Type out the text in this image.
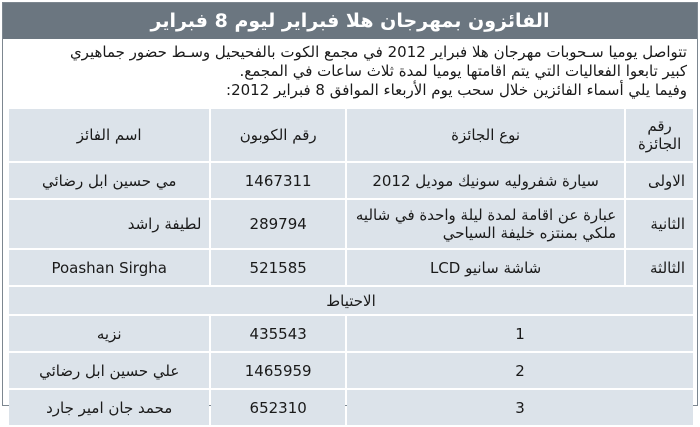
الفائزون بمهرجان هلا فبراير ليوم 8 فبراير

تتواصل يوميا سـحوبات مهرجان هلا فبراير 2012 في مجمع الكوت بالفحيحيل وسـط حضور جماهيري

كبير تابعوا الفعاليات التي يتم اقامتها يوميا لمدة ثلاث ساعات في المجمع.

وفيما يلي أسماء الفائزين خلال سحب يوم الأربعاء الموافق 8 فبراير 2012:

رقم الجائزة	نوع الجائزة	رقم الكوبون	اسم الفائز
الاولى	سيارة شفروليه سونيك موديل 2012	1467311	مي حسين ابل رضائي
الثانية	عبارة عن اقامة لمدة ليلة واحدة في شاليه ملكي بمنتزه خليفة السياحي	289794	لطيفة راشد
الثالثة	شاشة سانيو LCD	521585	Poashan Sirgha
الاحتياط			
1		435543	نزيه
2		1465959	علي حسين ابل رضائي
3		652310	محمد جان امير جارد
